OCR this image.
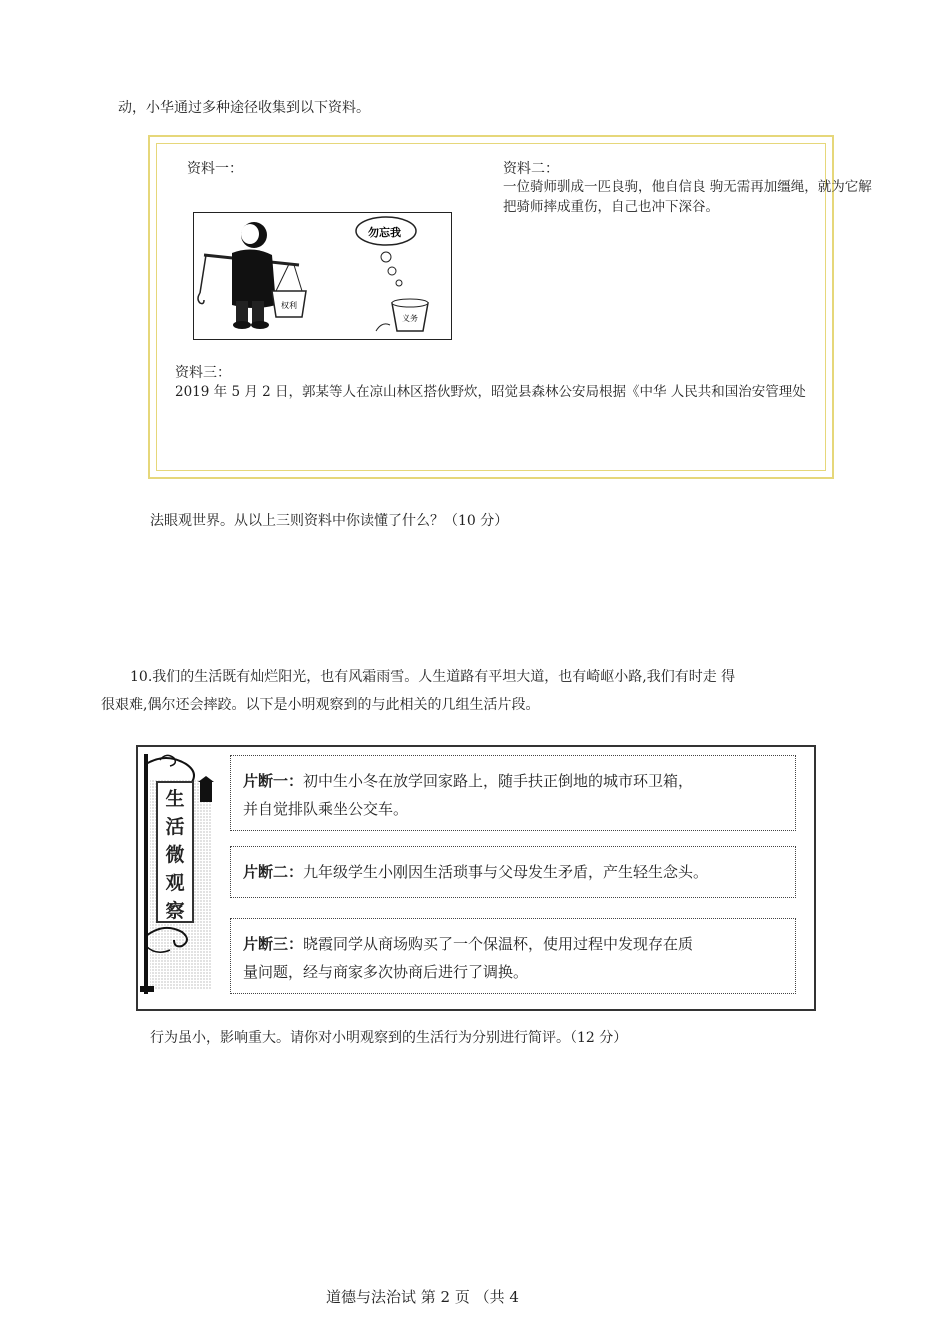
动，小华通过多种途径收集到以下资料。
资料一：	资料二：
一位骑师驯成一匹良驹，他自信良 驹无需再加缰绳，就为它解
把骑师摔成重伤，自己也冲下深谷。
权利
勿忘我
义务
资料三：
2019 年 5 月 2 日，郭某等人在凉山林区搭伙野炊，昭觉县森林公安局根据《中华 人民共和国治安管理处
法眼观世界。从以上三则资料中你读懂了什么？（10 分）
10.我们的生活既有灿烂阳光，也有风霜雨雪。人生道路有平坦大道，也有崎岖小路,我们有时走 得
很艰难,偶尔还会摔跤。以下是小明观察到的与此相关的几组生活片段。
生
活
微
观
察
片断一：初中生小冬在放学回家路上，随手扶正倒地的城市环卫箱，
并自觉排队乘坐公交车。
片断二：九年级学生小刚因生活琐事与父母发生矛盾，产生轻生念头。
片断三：晓霞同学从商场购买了一个保温杯，使用过程中发现存在质
量问题，经与商家多次协商后进行了调换。
行为虽小，影响重大。请你对小明观察到的生活行为分别进行简评。（12 分）
道德与法治试 第 2 页 （共 4
